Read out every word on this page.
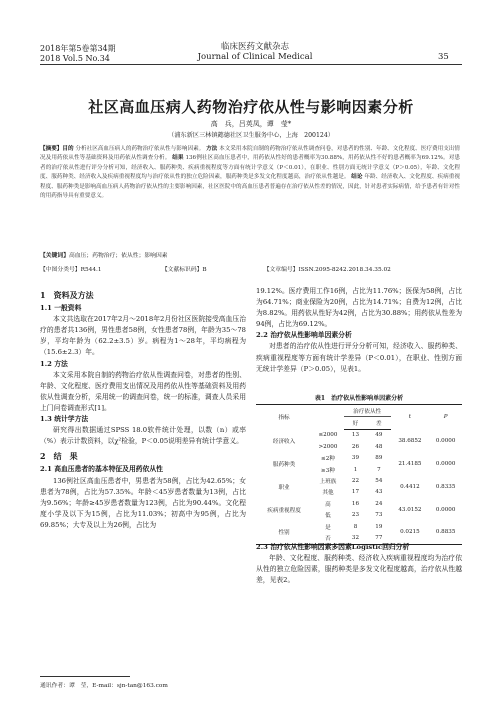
2018年第5卷第34期
2018 Vol.5 No.34
临床医药文献杂志
Journal of Clinical Medical	35
社区高血压病人药物治疗依从性与影响因素分析
高　兵，吕英凤，谭　莹*
（浦东新区三林镇懿德社区卫生服务中心，上海　200124）
【摘要】目的 分析社区高血压病人的药物治疗依从性与影响因素。 方法 本文采用本院自制的药物治疗依从性调查问卷，对患者的性别、年龄、文化程度、医疗费用支出情况及用药依从性等基础资料及用药依从性调查分析。 结果 136例社区高血压患者中，用药依从性好的患者概率为30.88%，用药依从性不好的患者概率为69.12%。对患者的治疗依从性进行评分分析可知，经济收入、服药种类、疾病重视程度等方面有统计学意义（P＜0.01），在职业、性别方面无统计学意义（P＞0.05），年龄、文化程度、服药种类、经济收入及疾病重视程度均与治疗依从性的独立危险因素，服药种类是多发文化程度越高，治疗依从性越是。 结论 年龄、经济收入、文化程度、疾病重视程度、服药种类是影响高血压病人药物治疗依从性的主要影响因素，社区医院中的高血压患者普遍存在治疗依从性差的情况，因此，针对患者实际病情，给予患者有针对性的用药指导具有重要意义。
【关键词】高血压；药物治疗；依从性；影响因素
【中图分类号】R544.1	【文献标识码】B	【文章编号】ISSN.2095-8242.2018.34.35.02
1　资料及方法
1.1 一般资料

本文共选取在2017年2月～2018年2月份社区医院接受高血压治疗的患者共136例，男性患者58例，女性患者78例，年龄为35～78岁，平均年龄为（62.2±3.5）岁。病程为1～28年，平均病程为（15.6±2.3）年。

1.2 方法

本文采用本院自制的药物治疗依从性调查问卷，对患者的性别、年龄、文化程度、医疗费用支出情况及用药依从性等基础资料及用药依从性调查分析，采用统一的调查问卷，统一的标准，调查人员采用上门问卷调查形式[1]。

1.3 统计学方法

研究得出数据通过SPSS 18.0软件统计处理，以数（n）或率（%）表示计数资料，以χ²检验，P＜0.05说明差异有统计学意义。

2　结　果
2.1 高血压患者的基本特征及用药依从性

136例社区高血压患者中，男患者为58例，占比为42.65%；女患者为78例，占比为57.35%。年龄＜45岁患者数量为13例，占比为9.56%；年龄≥45岁患者数量为123例，占比为90.44%。文化程度小学及以下为15例，占比为11.03%；初高中为95例，占比为69.85%；大专及以上为26例，占比为

19.12%。医疗费用工作16例，占比为11.76%；医保为58例，占比为64.71%；商业保险为20例，占比为14.71%；自费为12例，占比为8.82%。用药依从性好为42例，占比为30.88%；用药依从性差为94例，占比为69.12%。

2.2 治疗依从性影响单因素分析

对患者的治疗依从性进行评分分析可知，经济收入、服药种类、疾病重视程度等方面有统计学差异（P＜0.01），在职业、性别方面无统计学差异（P＞0.05），见表1。

表1　治疗依从性影响单因素分析
指标		治疗依从性		t	P
		好	差		
经济收入	≤2000	13	49	38.6852	0.0000
	>2000	26	48		
服药种类	≤2种	39	89	21.4185	0.0000
	≥3种	1	7		
职业	上班族	22	54	0.4412	0.8335
	其他	17	43		
疾病重视程度	高	16	24	43.0152	0.0000
	低	23	73		
性别	是	8	19	0.0215	0.8835
	否	32	77		
2.3 治疗依从性影响因素多因素Logistic回归分析

年龄、文化程度、服药种类、经济收入疾病重视程度均为治疗依从性的独立危险因素，服药种类是多发文化程度越高，治疗依从性越差，见表2。

通讯作者：谭　莹，E-mail：sjn-tan@163.com
